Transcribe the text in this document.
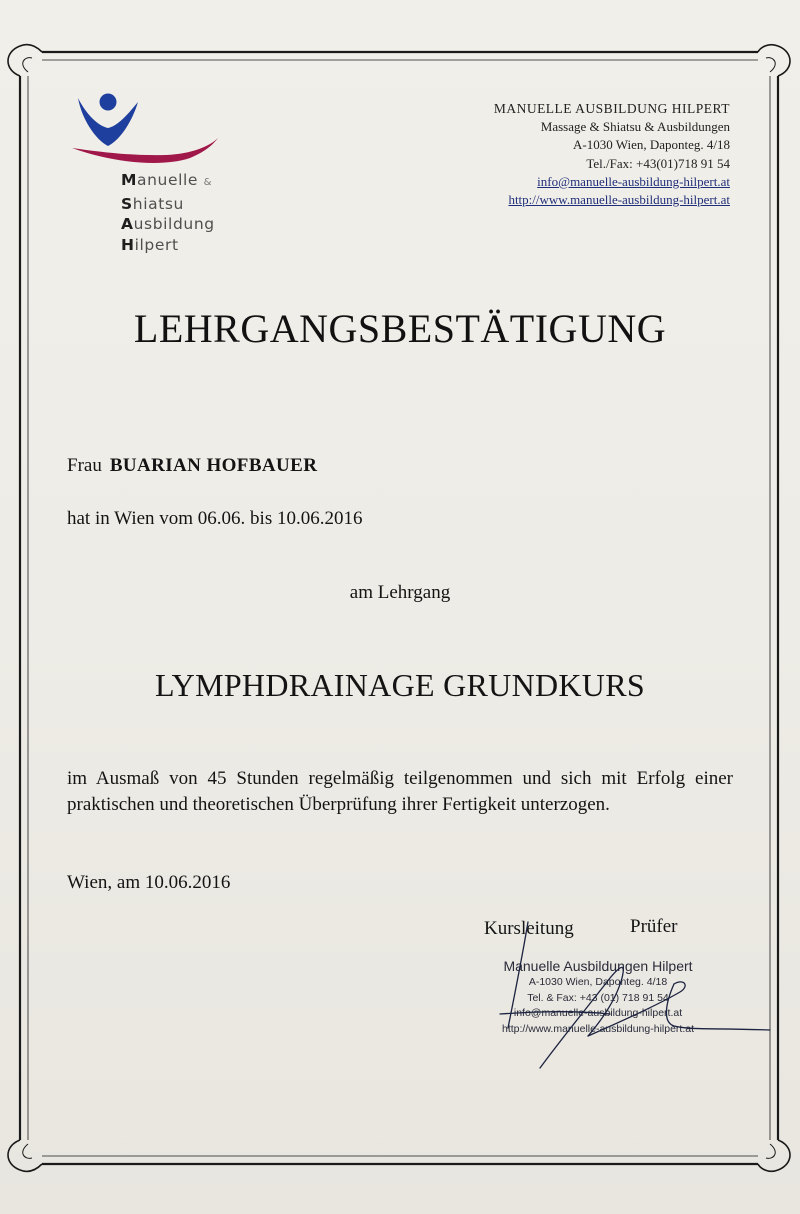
Manuelle &
Shiatsu
Ausbildung
Hilpert
MANUELLE AUSBILDUNG HILPERT
Massage & Shiatsu & Ausbildungen
A-1030 Wien, Daponteg. 4/18
Tel./Fax: +43(01)718 91 54
info@manuelle-ausbildung-hilpert.at
http://www.manuelle-ausbildung-hilpert.at
LEHRGANGSBESTÄTIGUNG
Frau BUARIAN HOFBAUER
hat in Wien vom 06.06. bis 10.06.2016
am Lehrgang
LYMPHDRAINAGE GRUNDKURS
im Ausmaß von 45 Stunden regelmäßig teilgenommen und sich mit Erfolg einer praktischen und theoretischen Überprüfung ihrer Fertigkeit unterzogen.
Wien, am 10.06.2016
Kursleitung	Prüfer
Manuelle Ausbildungen Hilpert
A-1030 Wien, Daponteg. 4/18
Tel. & Fax: +43 (01) 718 91 54
info@manuelle-ausbildung-hilpert.at
http://www.manuelle-ausbildung-hilpert.at
